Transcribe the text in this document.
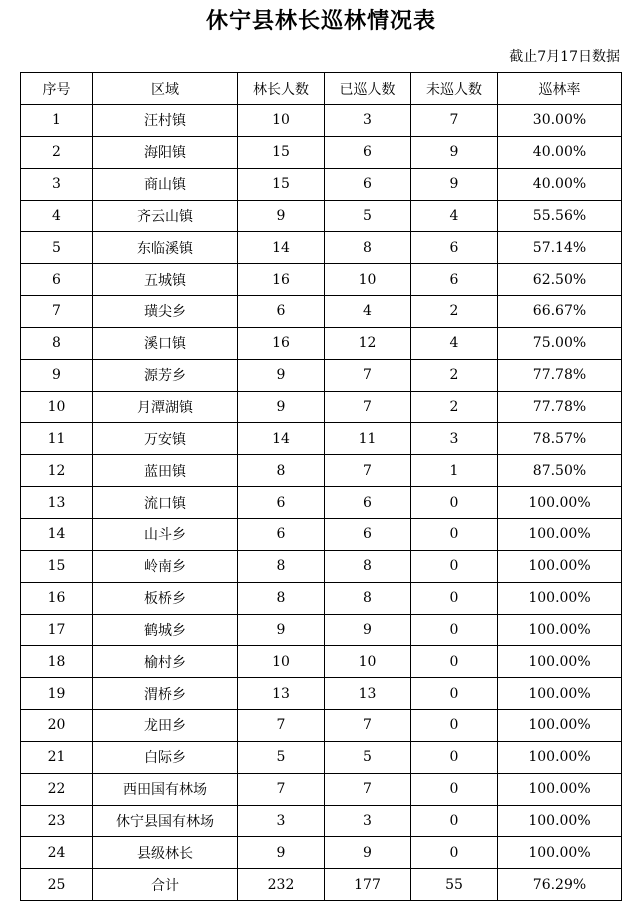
休宁县林长巡林情况表
截止7月17日数据
序号	区域	林长人数	已巡人数	未巡人数	巡林率
1	汪村镇	10	3	7	30.00%
2	海阳镇	15	6	9	40.00%
3	商山镇	15	6	9	40.00%
4	齐云山镇	9	5	4	55.56%
5	东临溪镇	14	8	6	57.14%
6	五城镇	16	10	6	62.50%
7	璜尖乡	6	4	2	66.67%
8	溪口镇	16	12	4	75.00%
9	源芳乡	9	7	2	77.78%
10	月潭湖镇	9	7	2	77.78%
11	万安镇	14	11	3	78.57%
12	蓝田镇	8	7	1	87.50%
13	流口镇	6	6	0	100.00%
14	山斗乡	6	6	0	100.00%
15	岭南乡	8	8	0	100.00%
16	板桥乡	8	8	0	100.00%
17	鹤城乡	9	9	0	100.00%
18	榆村乡	10	10	0	100.00%
19	渭桥乡	13	13	0	100.00%
20	龙田乡	7	7	0	100.00%
21	白际乡	5	5	0	100.00%
22	西田国有林场	7	7	0	100.00%
23	休宁县国有林场	3	3	0	100.00%
24	县级林长	9	9	0	100.00%
25	合计	232	177	55	76.29%
